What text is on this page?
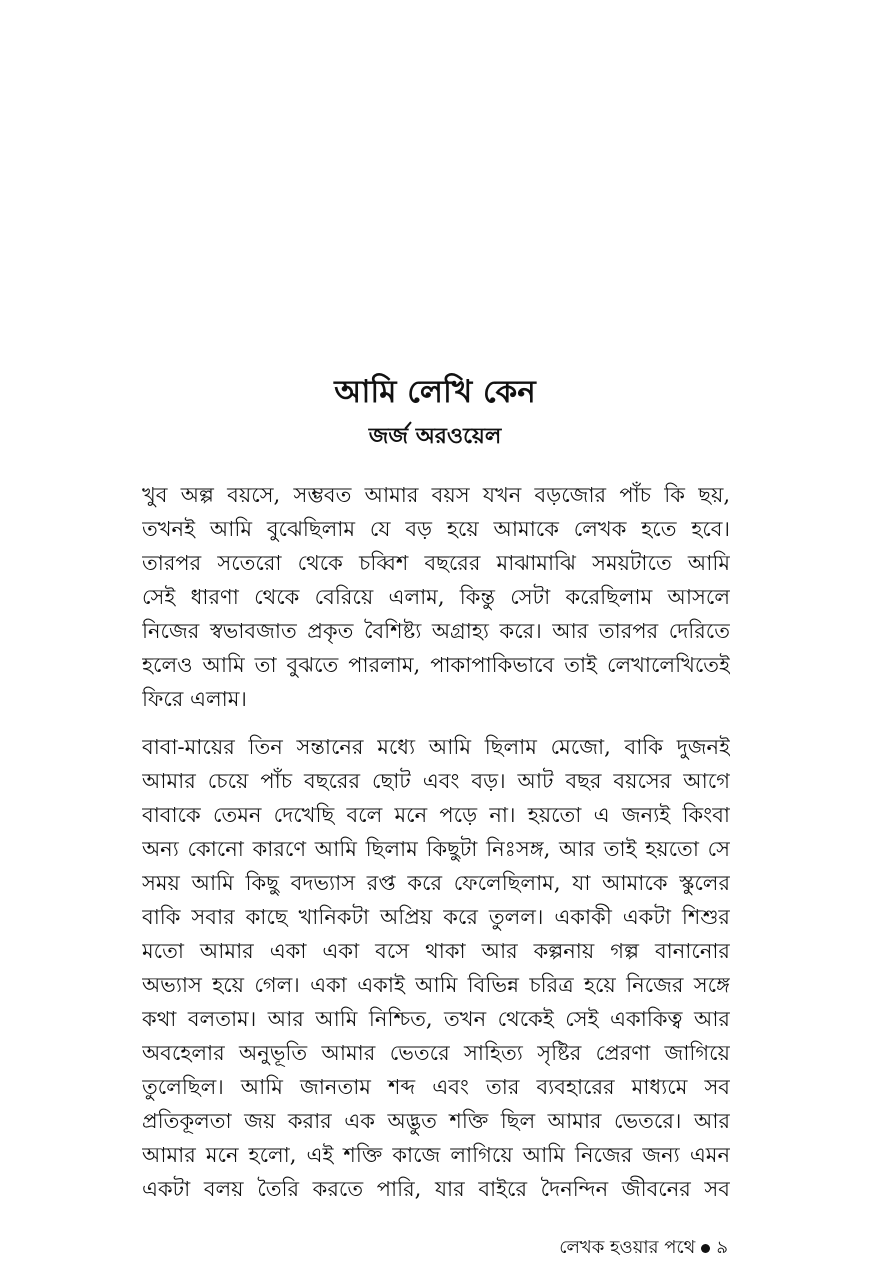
আমি লেখি কেন
জর্জ অরওয়েল

খুব অল্প বয়সে, সম্ভবত আমার বয়স যখন বড়জোর পাঁচ কি ছয়,
তখনই আমি বুঝেছিলাম যে বড় হয়ে আমাকে লেখক হতে হবে।
তারপর সতেরো থেকে চব্বিশ বছরের মাঝামাঝি সময়টাতে আমি
সেই ধারণা থেকে বেরিয়ে এলাম, কিন্তু সেটা করেছিলাম আসলে
নিজের স্বভাবজাত প্রকৃত বৈশিষ্ট্য অগ্রাহ্য করে। আর তারপর দেরিতে
হলেও আমি তা বুঝতে পারলাম, পাকাপাকিভাবে তাই লেখালেখিতেই
ফিরে এলাম।

বাবা-মায়ের তিন সন্তানের মধ্যে আমি ছিলাম মেজো, বাকি দুজনই
আমার চেয়ে পাঁচ বছরের ছোট এবং বড়। আট বছর বয়সের আগে
বাবাকে তেমন দেখেছি বলে মনে পড়ে না। হয়তো এ জন্যই কিংবা
অন্য কোনো কারণে আমি ছিলাম কিছুটা নিঃসঙ্গ, আর তাই হয়তো সে
সময় আমি কিছু বদভ্যাস রপ্ত করে ফেলেছিলাম, যা আমাকে স্কুলের
বাকি সবার কাছে খানিকটা অপ্রিয় করে তুলল। একাকী একটা শিশুর
মতো আমার একা একা বসে থাকা আর কল্পনায় গল্প বানানোর
অভ্যাস হয়ে গেল। একা একাই আমি বিভিন্ন চরিত্র হয়ে নিজের সঙ্গে
কথা বলতাম। আর আমি নিশ্চিত, তখন থেকেই সেই একাকিত্ব আর
অবহেলার অনুভূতি আমার ভেতরে সাহিত্য সৃষ্টির প্রেরণা জাগিয়ে
তুলেছিল। আমি জানতাম শব্দ এবং তার ব্যবহারের মাধ্যমে সব
প্রতিকূলতা জয় করার এক অদ্ভুত শক্তি ছিল আমার ভেতরে। আর
আমার মনে হলো, এই শক্তি কাজে লাগিয়ে আমি নিজের জন্য এমন
একটা বলয় তৈরি করতে পারি, যার বাইরে দৈনন্দিন জীবনের সব

লেখক হওয়ার পথে ৯
